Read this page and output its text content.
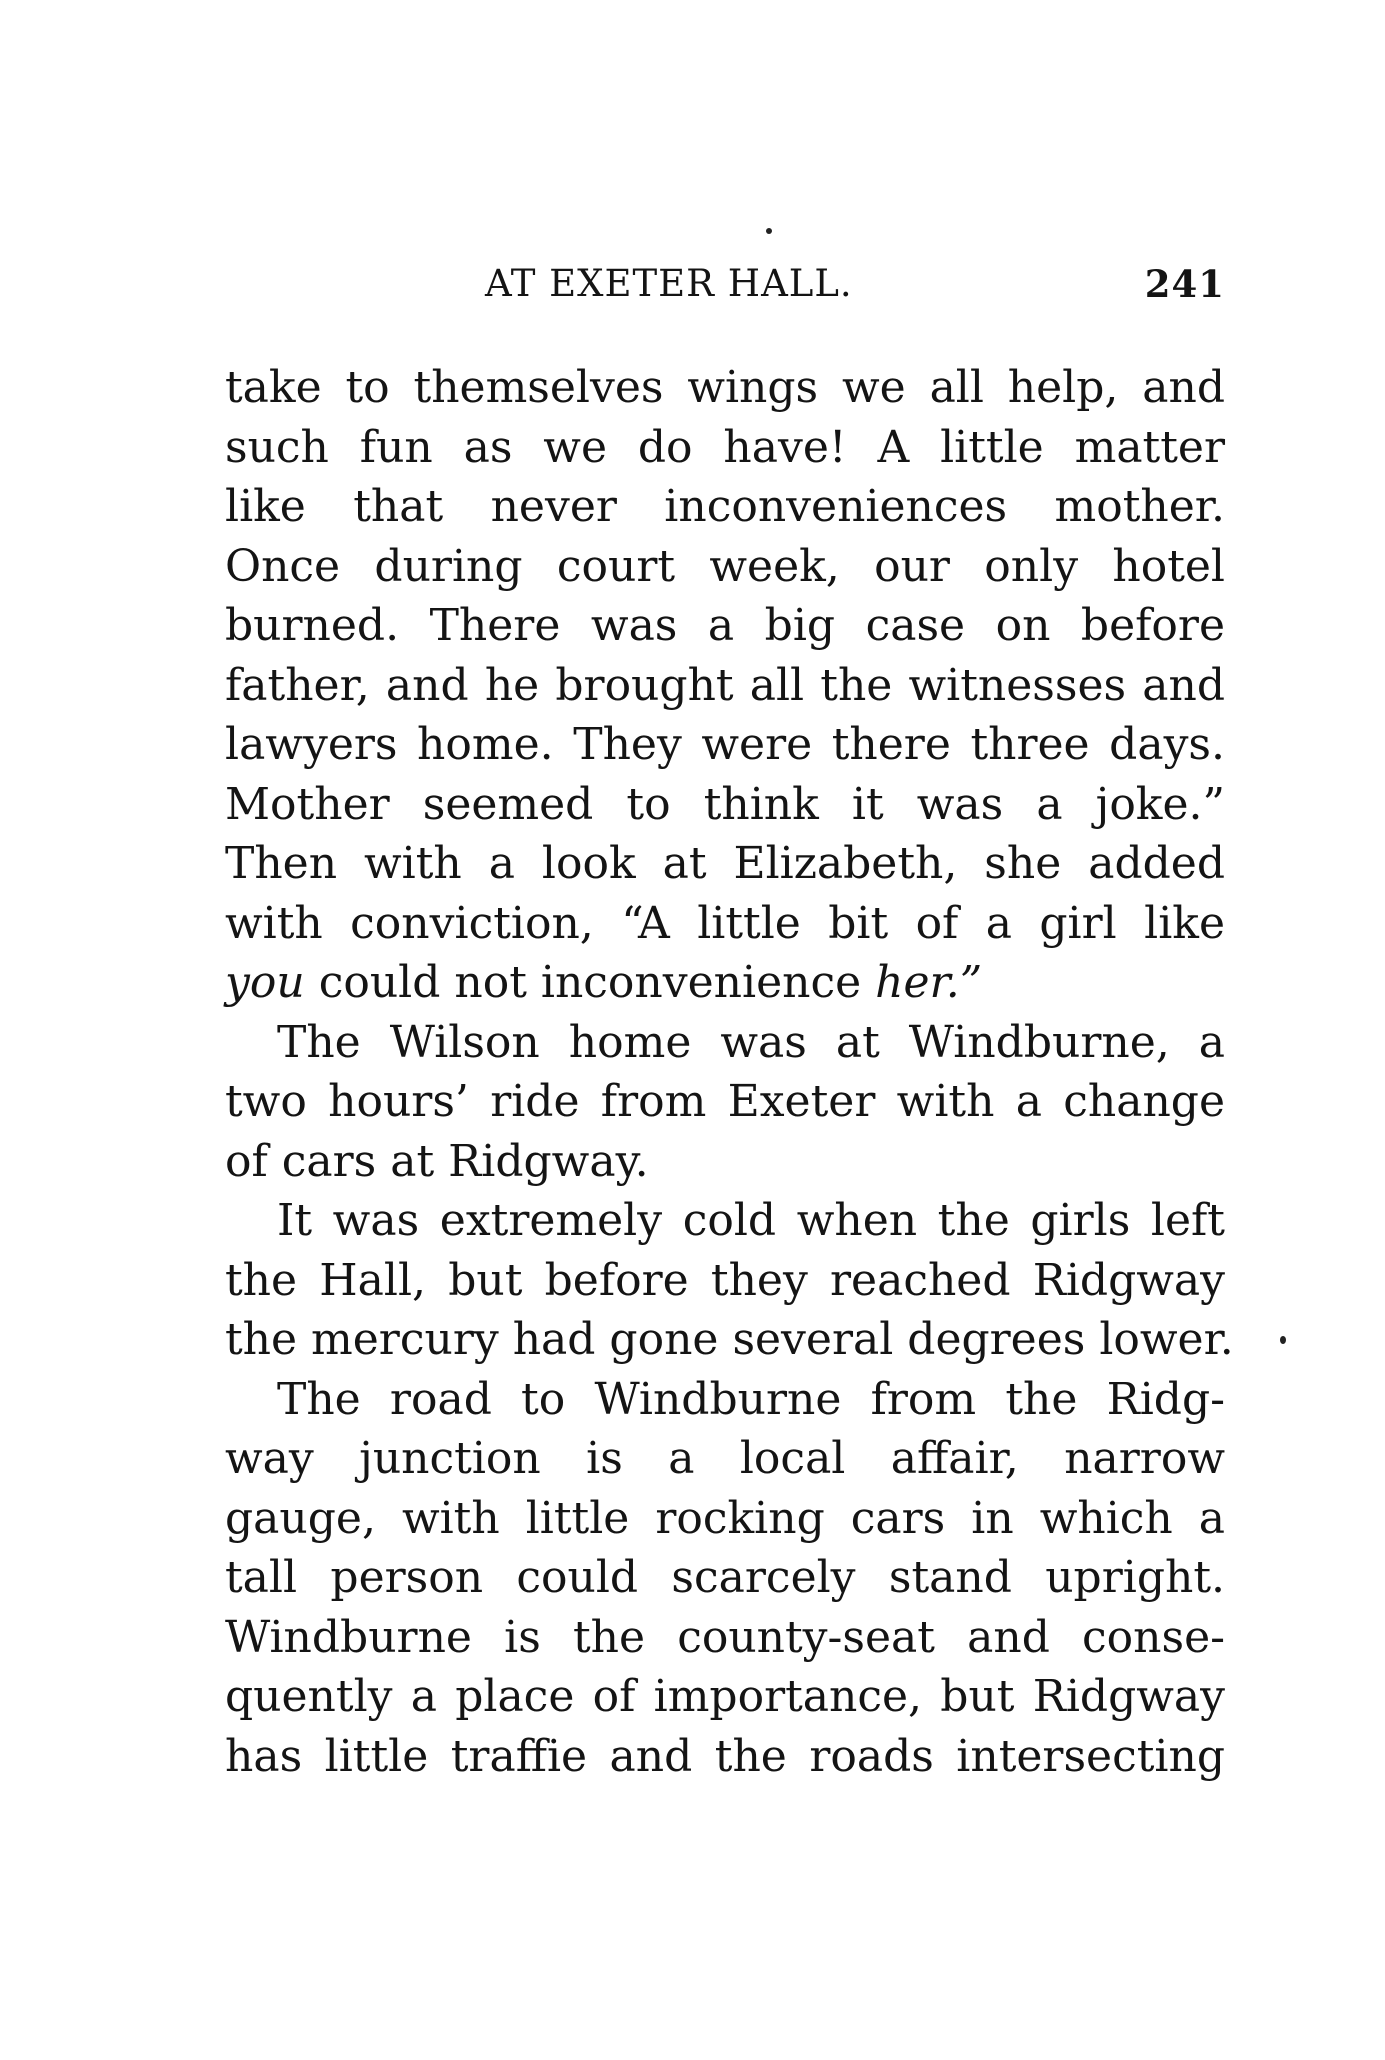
AT EXETER HALL.	241
take to themselves wings we all help, and
such fun as we do have! A little matter
like that never inconveniences mother.
Once during court week, our only hotel
burned. There was a big case on before
father, and he brought all the witnesses and
lawyers home. They were there three days.
Mother seemed to think it was a joke.”
Then with a look at Elizabeth, she added
with conviction, “A little bit of a girl like
you could not inconvenience her.”
The Wilson home was at Windburne, a
two hours’ ride from Exeter with a change
of cars at Ridgway.
It was extremely cold when the girls left
the Hall, but before they reached Ridgway
the mercury had gone several degrees lower.
The road to Windburne from the Ridg-
way junction is a local affair, narrow
gauge, with little rocking cars in which a
tall person could scarcely stand upright.
Windburne is the county-seat and conse-
quently a place of importance, but Ridgway
has little traffie and the roads intersecting
